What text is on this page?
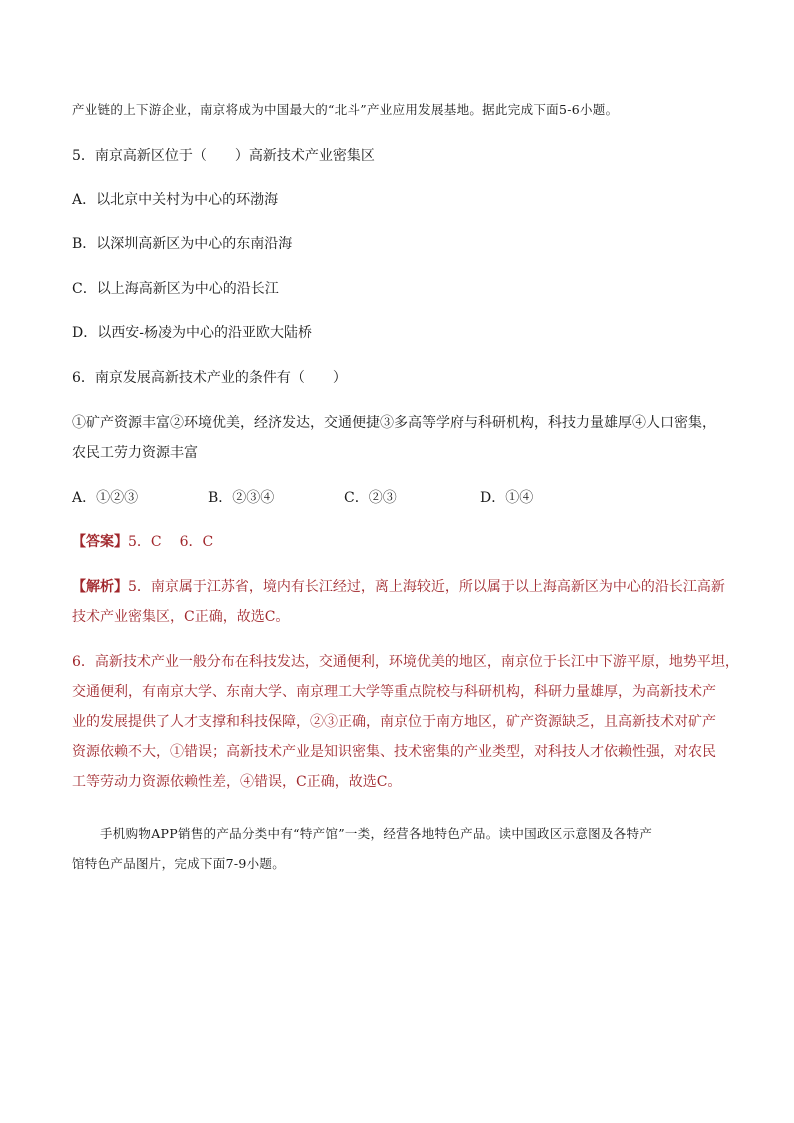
产业链的上下游企业，南京将成为中国最大的“北斗”产业应用发展基地。据此完成下面5-6小题。
5．南京高新区位于（　　）高新技术产业密集区
A．以北京中关村为中心的环渤海
B．以深圳高新区为中心的东南沿海
C．以上海高新区为中心的沿长江
D．以西安-杨凌为中心的沿亚欧大陆桥
6．南京发展高新技术产业的条件有（　　）
①矿产资源丰富②环境优美，经济发达，交通便捷③多高等学府与科研机构，科技力量雄厚④人口密集，
农民工劳力资源丰富
A．①②③	B．②③④	C．②③	D．①④
【答案】5．C 6．C
【解析】5．南京属于江苏省，境内有长江经过，离上海较近，所以属于以上海高新区为中心的沿长江高新
技术产业密集区，C正确，故选C。
6．高新技术产业一般分布在科技发达，交通便利，环境优美的地区，南京位于长江中下游平原，地势平坦，
交通便利，有南京大学、东南大学、南京理工大学等重点院校与科研机构，科研力量雄厚，为高新技术产
业的发展提供了人才支撑和科技保障，②③正确，南京位于南方地区，矿产资源缺乏，且高新技术对矿产
资源依赖不大，①错误；高新技术产业是知识密集、技术密集的产业类型，对科技人才依赖性强，对农民
工等劳动力资源依赖性差，④错误，C正确，故选C。
手机购物APP销售的产品分类中有“特产馆”一类，经营各地特色产品。读中国政区示意图及各特产
馆特色产品图片，完成下面7-9小题。
